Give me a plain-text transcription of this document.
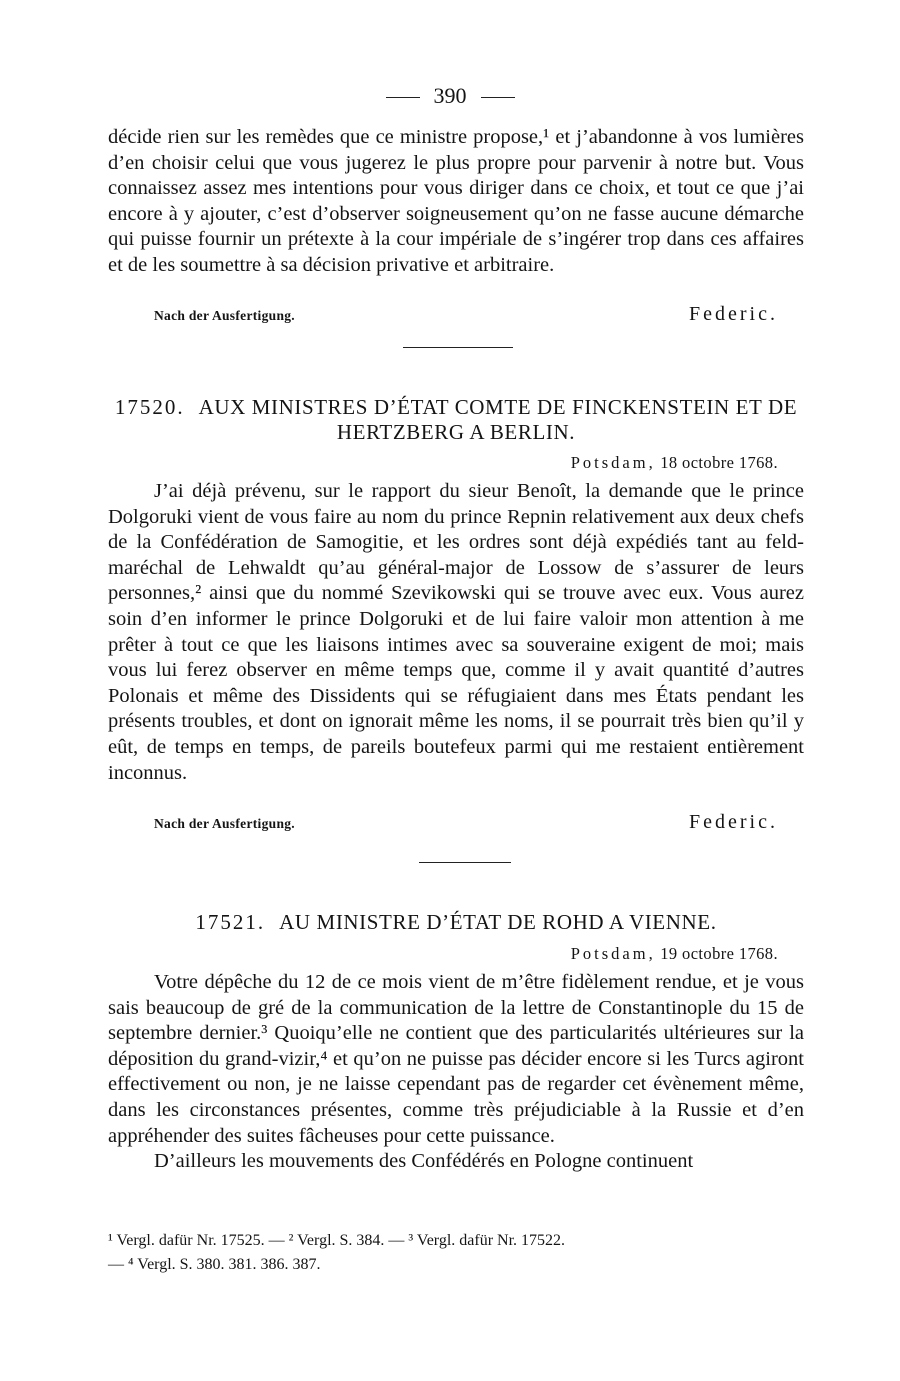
390

décide rien sur les remèdes que ce ministre propose,¹ et j’abandonne à vos lumières d’en choisir celui que vous jugerez le plus propre pour parvenir à notre but. Vous connaissez assez mes intentions pour vous diriger dans ce choix, et tout ce que j’ai encore à y ajouter, c’est d’observer soigneusement qu’on ne fasse aucune démarche qui puisse fournir un prétexte à la cour impériale de s’ingérer trop dans ces affaires et de les soumettre à sa décision privative et arbitraire.

Nach der Ausfertigung.	Federic.
17520. AUX MINISTRES D’ÉTAT COMTE DE FINCKENSTEIN ET DE HERTZBERG A BERLIN.
Potsdam, 18 octobre 1768.

J’ai déjà prévenu, sur le rapport du sieur Benoît, la demande que le prince Dolgoruki vient de vous faire au nom du prince Repnin relativement aux deux chefs de la Confédération de Samogitie, et les ordres sont déjà expédiés tant au feld-maréchal de Lehwaldt qu’au général-major de Lossow de s’assurer de leurs personnes,² ainsi que du nommé Szevikowski qui se trouve avec eux. Vous aurez soin d’en informer le prince Dolgoruki et de lui faire valoir mon attention à me prêter à tout ce que les liaisons intimes avec sa souveraine exigent de moi; mais vous lui ferez observer en même temps que, comme il y avait quantité d’autres Polonais et même des Dissidents qui se réfugiaient dans mes États pendant les présents troubles, et dont on ignorait même les noms, il se pourrait très bien qu’il y eût, de temps en temps, de pareils boutefeux parmi qui me restaient entièrement inconnus.

Nach der Ausfertigung.	Federic.
17521. AU MINISTRE D’ÉTAT DE ROHD A VIENNE.
Potsdam, 19 octobre 1768.

Votre dépêche du 12 de ce mois vient de m’être fidèlement rendue, et je vous sais beaucoup de gré de la communication de la lettre de Constantinople du 15 de septembre dernier.³ Quoiqu’elle ne contient que des particularités ultérieures sur la déposition du grand-vizir,⁴ et qu’on ne puisse pas décider encore si les Turcs agiront effectivement ou non, je ne laisse cependant pas de regarder cet évènement même, dans les circonstances présentes, comme très préjudiciable à la Russie et d’en appréhender des suites fâcheuses pour cette puissance.

D’ailleurs les mouvements des Confédérés en Pologne continuent

¹ Vergl. dafür Nr. 17525. — ² Vergl. S. 384. — ³ Vergl. dafür Nr. 17522.

— ⁴ Vergl. S. 380. 381. 386. 387.
